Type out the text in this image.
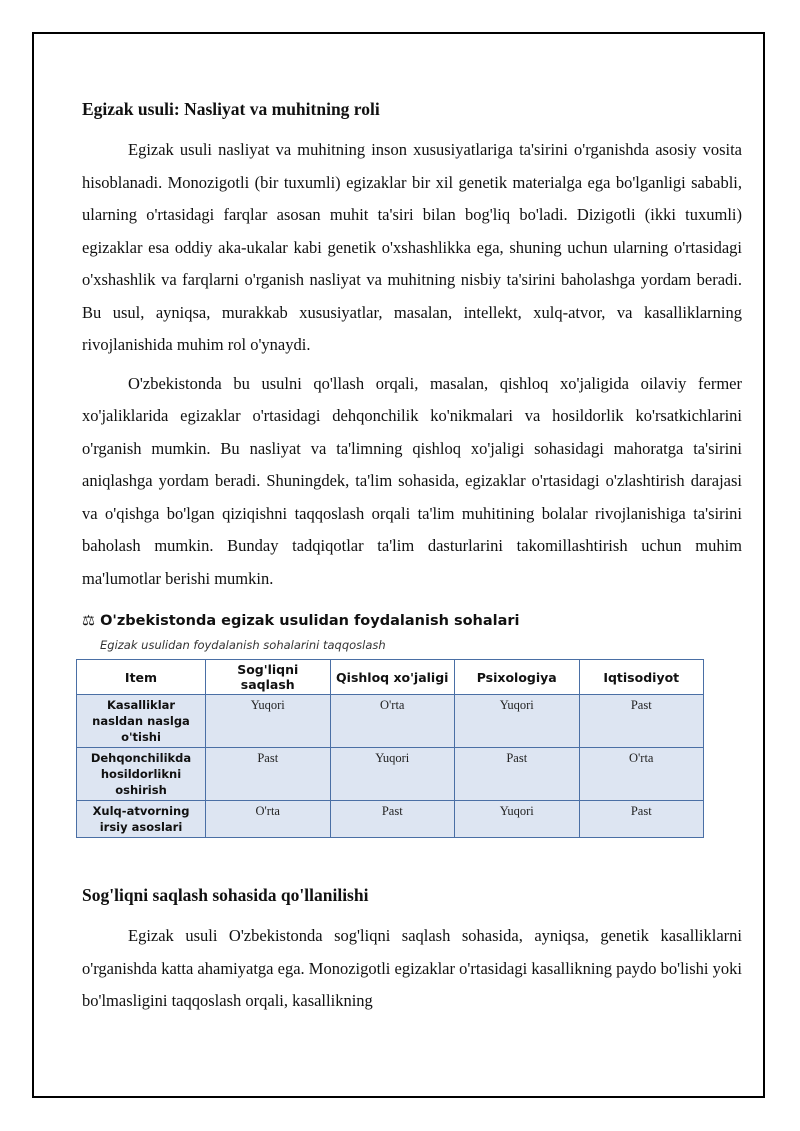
Egizak usuli: Nasliyat va muhitning roli

Egizak usuli nasliyat va muhitning inson xususiyatlariga ta'sirini o'rganishda asosiy vosita hisoblanadi. Monozigotli (bir tuxumli) egizaklar bir xil genetik materialga ega bo'lganligi sababli, ularning o'rtasidagi farqlar asosan muhit ta'siri bilan bog'liq bo'ladi. Dizigotli (ikki tuxumli) egizaklar esa oddiy aka-ukalar kabi genetik o'xshashlikka ega, shuning uchun ularning o'rtasidagi o'xshashlik va farqlarni o'rganish nasliyat va muhitning nisbiy ta'sirini baholashga yordam beradi. Bu usul, ayniqsa, murakkab xususiyatlar, masalan, intellekt, xulq-atvor, va kasalliklarning rivojlanishida muhim rol o'ynaydi.

O'zbekistonda bu usulni qo'llash orqali, masalan, qishloq xo'jaligida oilaviy fermer xo'jaliklarida egizaklar o'rtasidagi dehqonchilik ko'nikmalari va hosildorlik ko'rsatkichlarini o'rganish mumkin. Bu nasliyat va ta'limning qishloq xo'jaligi sohasidagi mahoratga ta'sirini aniqlashga yordam beradi. Shuningdek, ta'lim sohasida, egizaklar o'rtasidagi o'zlashtirish darajasi va o'qishga bo'lgan qiziqishni taqqoslash orqali ta'lim muhitining bolalar rivojlanishiga ta'sirini baholash mumkin. Bunday tadqiqotlar ta'lim dasturlarini takomillashtirish uchun muhim ma'lumotlar berishi mumkin.

⚖ O'zbekistonda egizak usulidan foydalanish sohalari
Egizak usulidan foydalanish sohalarini taqqoslash
Item	Sog'liqni saqlash	Qishloq xo'jaligi	Psixologiya	Iqtisodiyot
Kasalliklar nasldan naslga o'tishi	Yuqori	O'rta	Yuqori	Past
Dehqonchilikda hosildorlikni oshirish	Past	Yuqori	Past	O'rta
Xulq-atvorning irsiy asoslari	O'rta	Past	Yuqori	Past
Sog'liqni saqlash sohasida qo'llanilishi

Egizak usuli O'zbekistonda sog'liqni saqlash sohasida, ayniqsa, genetik kasalliklarni o'rganishda katta ahamiyatga ega. Monozigotli egizaklar o'rtasidagi kasallikning paydo bo'lishi yoki bo'lmasligini taqqoslash orqali, kasallikning
